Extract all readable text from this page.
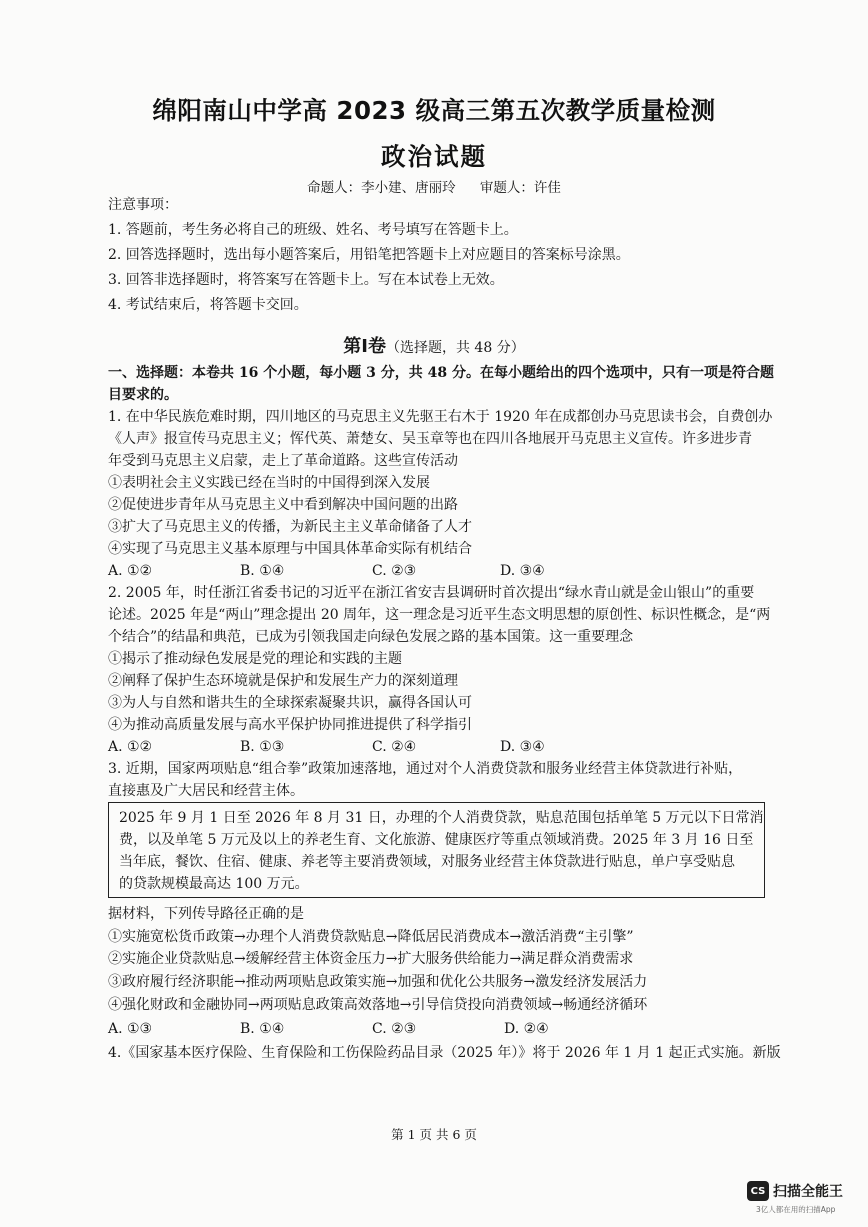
绵阳南山中学高 2023 级高三第五次教学质量检测
政治试题
命题人：李小建、唐丽玲 审题人：许佳
注意事项：
1. 答题前，考生务必将自己的班级、姓名、考号填写在答题卡上。
2. 回答选择题时，选出每小题答案后，用铅笔把答题卡上对应题目的答案标号涂黑。
3. 回答非选择题时，将答案写在答题卡上。写在本试卷上无效。
4. 考试结束后，将答题卡交回。
第Ⅰ卷（选择题，共 48 分）
一、选择题：本卷共 16 个小题，每小题 3 分，共 48 分。在每小题给出的四个选项中，只有一项是符合题
目要求的。
1. 在中华民族危难时期，四川地区的马克思主义先驱王右木于 1920 年在成都创办马克思读书会，自费创办
《人声》报宣传马克思主义；恽代英、萧楚女、吴玉章等也在四川各地展开马克思主义宣传。许多进步青
年受到马克思主义启蒙，走上了革命道路。这些宣传活动
①表明社会主义实践已经在当时的中国得到深入发展
②促使进步青年从马克思主义中看到解决中国问题的出路
③扩大了马克思主义的传播，为新民主主义革命储备了人才
④实现了马克思主义基本原理与中国具体革命实际有机结合
A. ①②	B. ①④	C. ②③	D. ③④
2. 2005 年，时任浙江省委书记的习近平在浙江省安吉县调研时首次提出“绿水青山就是金山银山”的重要
论述。2025 年是“两山”理念提出 20 周年，这一理念是习近平生态文明思想的原创性、标识性概念，是“两
个结合”的结晶和典范，已成为引领我国走向绿色发展之路的基本国策。这一重要理念
①揭示了推动绿色发展是党的理论和实践的主题
②阐释了保护生态环境就是保护和发展生产力的深刻道理
③为人与自然和谐共生的全球探索凝聚共识，赢得各国认可
④为推动高质量发展与高水平保护协同推进提供了科学指引
A. ①②	B. ①③	C. ②④	D. ③④
3. 近期，国家两项贴息“组合拳”政策加速落地，通过对个人消费贷款和服务业经营主体贷款进行补贴，
直接惠及广大居民和经营主体。
2025 年 9 月 1 日至 2026 年 8 月 31 日，办理的个人消费贷款，贴息范围包括单笔 5 万元以下日常消
费，以及单笔 5 万元及以上的养老生育、文化旅游、健康医疗等重点领域消费。2025 年 3 月 16 日至
当年底，餐饮、住宿、健康、养老等主要消费领域，对服务业经营主体贷款进行贴息，单户享受贴息
的贷款规模最高达 100 万元。
据材料，下列传导路径正确的是
①实施宽松货币政策→办理个人消费贷款贴息→降低居民消费成本→激活消费“主引擎”
②实施企业贷款贴息→缓解经营主体资金压力→扩大服务供给能力→满足群众消费需求
③政府履行经济职能→推动两项贴息政策实施→加强和优化公共服务→激发经济发展活力
④强化财政和金融协同→两项贴息政策高效落地→引导信贷投向消费领域→畅通经济循环
A. ①③	B. ①④	C. ②③	D. ②④
4.《国家基本医疗保险、生育保险和工伤保险药品目录（2025 年）》将于 2026 年 1 月 1 起正式实施。新版
第 1 页 共 6 页
CS 扫描全能王
3亿人都在用的扫描App
